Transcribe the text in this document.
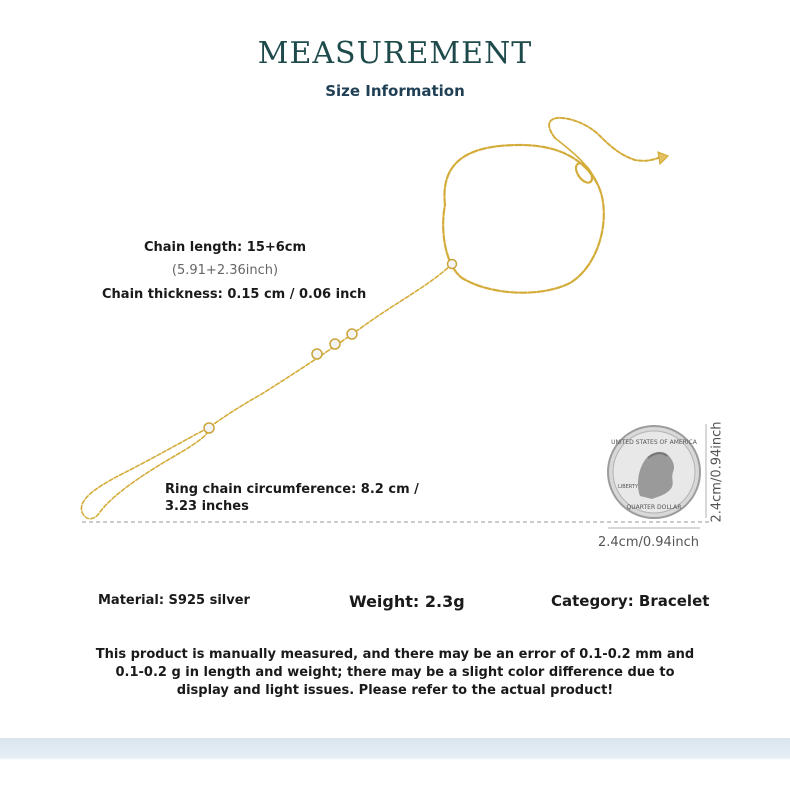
MEASUREMENT
Size Information
UNITED STATES OF AMERICA
LIBERTY
QUARTER DOLLAR
Chain length: 15+6cm
(5.91+2.36inch)
Chain thickness: 0.15 cm / 0.06 inch
Ring chain circumference: 8.2 cm / 3.23 inches
2.4cm/0.94inch
2.4cm/0.94inch
Material: S925 silver	Weight: 2.3g	Category: Bracelet
This product is manually measured, and there may be an error of 0.1-0.2 mm and 0.1-0.2 g in length and weight; there may be a slight color difference due to display and light issues. Please refer to the actual product!
